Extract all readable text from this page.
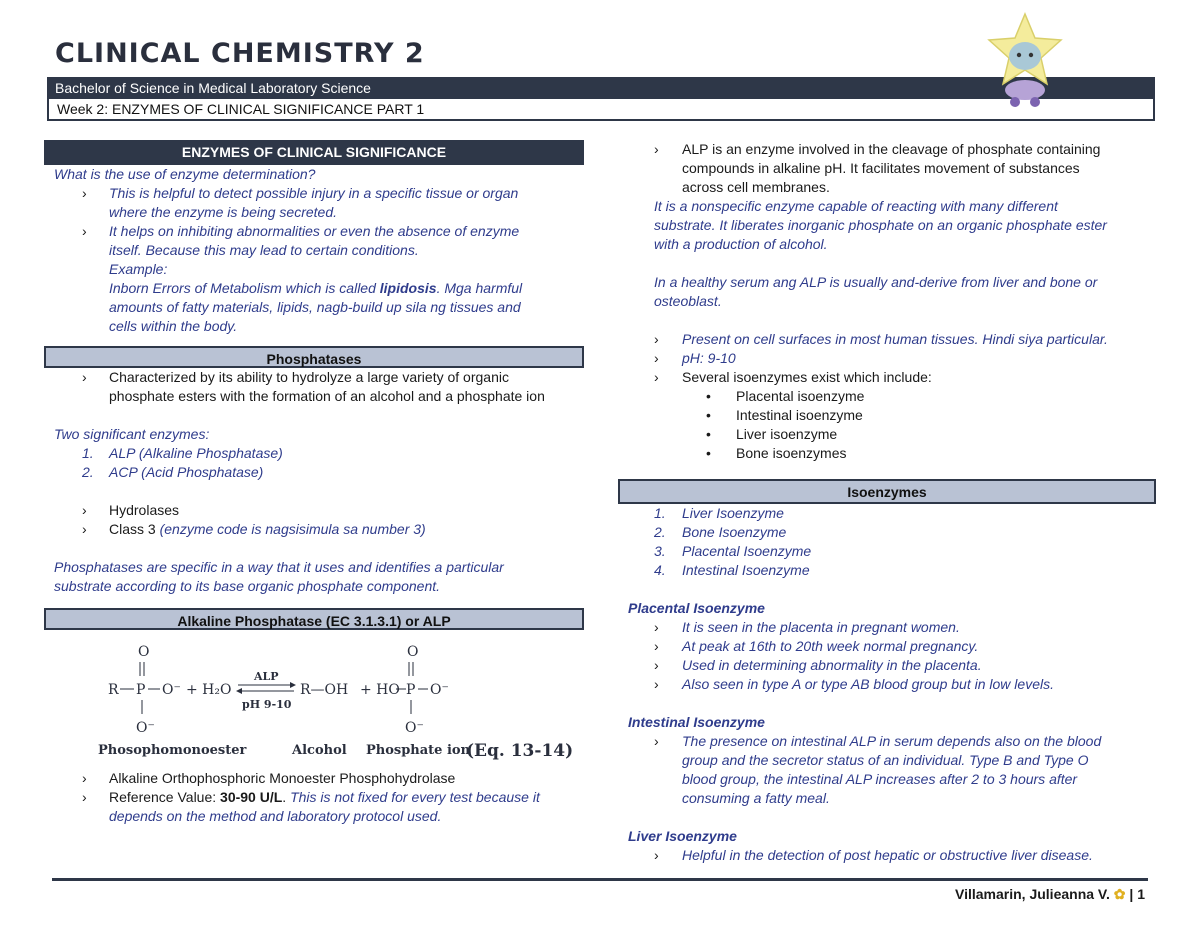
CLINICAL CHEMISTRY 2
Bachelor of Science in Medical Laboratory Science
Week 2: ENZYMES OF CLINICAL SIGNIFICANCE PART 1
ENZYMES OF CLINICAL SIGNIFICANCE
What is the use of enzyme determination?
› This is helpful to detect possible injury in a specific tissue or organ
where the enzyme is being secreted.
› It helps on inhibiting abnormalities or even the absence of enzyme
itself. Because this may lead to certain conditions.
Example:
Inborn Errors of Metabolism which is called lipidosis. Mga harmful
amounts of fatty materials, lipids, nagb-build up sila ng tissues and
cells within the body.
Phosphatases
› Characterized by its ability to hydrolyze a large variety of organic
phosphate esters with the formation of an alcohol and a phosphate ion
Two significant enzymes:
1. ALP (Alkaline Phosphatase)
2. ACP (Acid Phosphatase)
› Hydrolases
› Class 3 (enzyme code is nagsisimula sa number 3)
Phosphatases are specific in a way that it uses and identifies a particular
substrate according to its base organic phosphate component.
Alkaline Phosphatase (EC 3.1.3.1) or ALP
O
R P O⁻
O⁻
+ H₂O
ALP
pH 9-10
R—OH + HO
O
P O⁻
O⁻
Phosophomonoester	Alcohol Phosphate ion
(Eq. 13-14)
› Alkaline Orthophosphoric Monoester Phosphohydrolase
› Reference Value: 30-90 U/L. This is not fixed for every test because it
depends on the method and laboratory protocol used.
› ALP is an enzyme involved in the cleavage of phosphate containing
compounds in alkaline pH. It facilitates movement of substances
across cell membranes.
It is a nonspecific enzyme capable of reacting with many different
substrate. It liberates inorganic phosphate on an organic phosphate ester
with a production of alcohol.
In a healthy serum ang ALP is usually and-derive from liver and bone or
osteoblast.
› Present on cell surfaces in most human tissues. Hindi siya particular.
› pH: 9-10
› Several isoenzymes exist which include:
• Placental isoenzyme
• Intestinal isoenzyme
• Liver isoenzyme
• Bone isoenzymes
Isoenzymes
1. Liver Isoenzyme
2. Bone Isoenzyme
3. Placental Isoenzyme
4. Intestinal Isoenzyme
Placental Isoenzyme
› It is seen in the placenta in pregnant women.
› At peak at 16th to 20th week normal pregnancy.
› Used in determining abnormality in the placenta.
› Also seen in type A or type AB blood group but in low levels.
Intestinal Isoenzyme
› The presence on intestinal ALP in serum depends also on the blood
group and the secretor status of an individual. Type B and Type O
blood group, the intestinal ALP increases after 2 to 3 hours after
consuming a fatty meal.
Liver Isoenzyme
› Helpful in the detection of post hepatic or obstructive liver disease.
Villamarin, Julieanna V. ✿ | 1
